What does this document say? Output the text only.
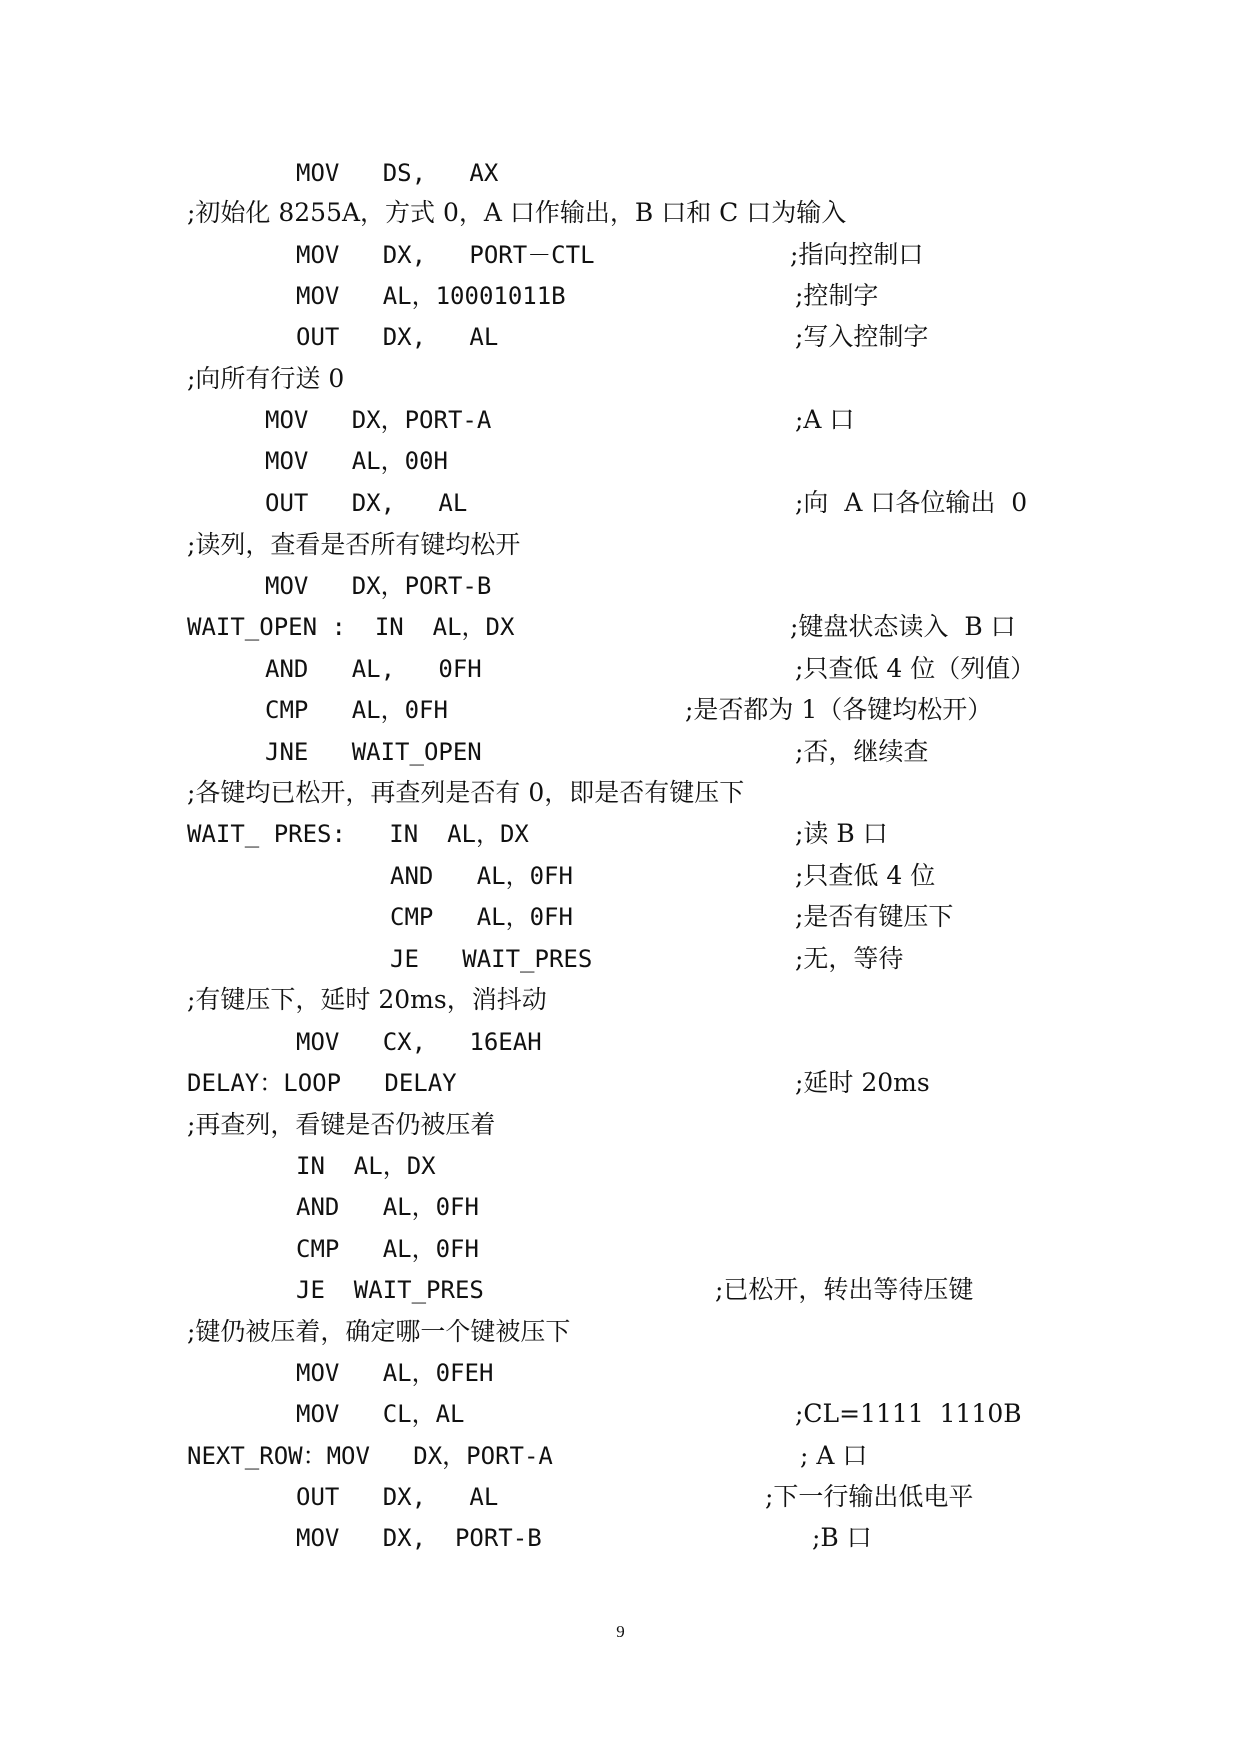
MOV   DS,   AX
;初始化 8255A，方式 0，A 口作输出，B 口和 C 口为输入
MOV   DX,   PORT－CTL	;指向控制口
MOV   AL，10001011B	;控制字
OUT   DX,   AL	;写入控制字
;向所有行送 0
MOV   DX，PORT-A	;A 口
MOV   AL，00H
OUT   DX,   AL	;向  A 口各位输出  0
;读列，查看是否所有键均松开
MOV   DX，PORT-B
WAIT_OPEN :  IN  AL，DX	;键盘状态读入  B 口
AND   AL,   0FH	;只查低 4 位（列值）
CMP   AL，0FH	;是否都为 1（各键均松开）
JNE   WAIT_OPEN	;否，继续查
;各键均已松开，再查列是否有 0，即是否有键压下
WAIT_ PRES:   IN  AL，DX	;读 B 口
AND   AL，0FH	;只查低 4 位
CMP   AL，0FH	;是否有键压下
JE   WAIT_PRES	;无，等待
;有键压下，延时 20ms，消抖动
MOV   CX,   16EAH
DELAY：LOOP   DELAY	;延时 20ms
;再查列，看键是否仍被压着
IN  AL，DX
AND   AL，0FH
CMP   AL，0FH
JE  WAIT_PRES	;已松开，转出等待压键
;键仍被压着，确定哪一个键被压下
MOV   AL，0FEH
MOV   CL，AL	;CL=1111  1110B
NEXT_ROW：MOV   DX，PORT-A	; A 口
OUT   DX,   AL	;下一行输出低电平
MOV   DX,  PORT-B	;B 口
9
